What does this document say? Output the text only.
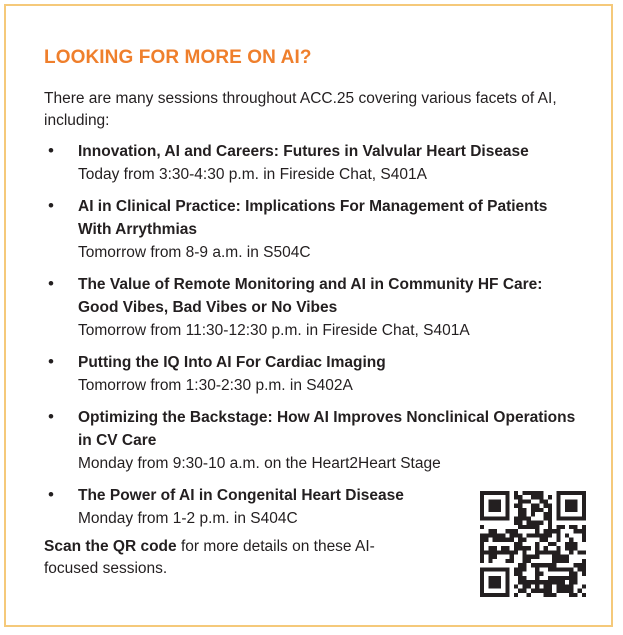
LOOKING FOR MORE ON AI?
There are many sessions throughout ACC.25 covering various facets of AI, including:
• Innovation, AI and Careers: Futures in Valvular Heart Disease
Today from 3:30-4:30 p.m. in Fireside Chat, S401A
• AI in Clinical Practice: Implications For Management of Patients With Arrythmias
Tomorrow from 8-9 a.m. in S504C
• The Value of Remote Monitoring and AI in Community HF Care: Good Vibes, Bad Vibes or No Vibes
Tomorrow from 11:30-12:30 p.m. in Fireside Chat, S401A
• Putting the IQ Into AI For Cardiac Imaging
Tomorrow from 1:30-2:30 p.m. in S402A
• Optimizing the Backstage: How AI Improves Nonclinical Operations in CV Care
Monday from 9:30-10 a.m. on the Heart2Heart Stage
• The Power of AI in Congenital Heart Disease
Monday from 1-2 p.m. in S404C
Scan the QR code for more details on these AI-focused sessions.
